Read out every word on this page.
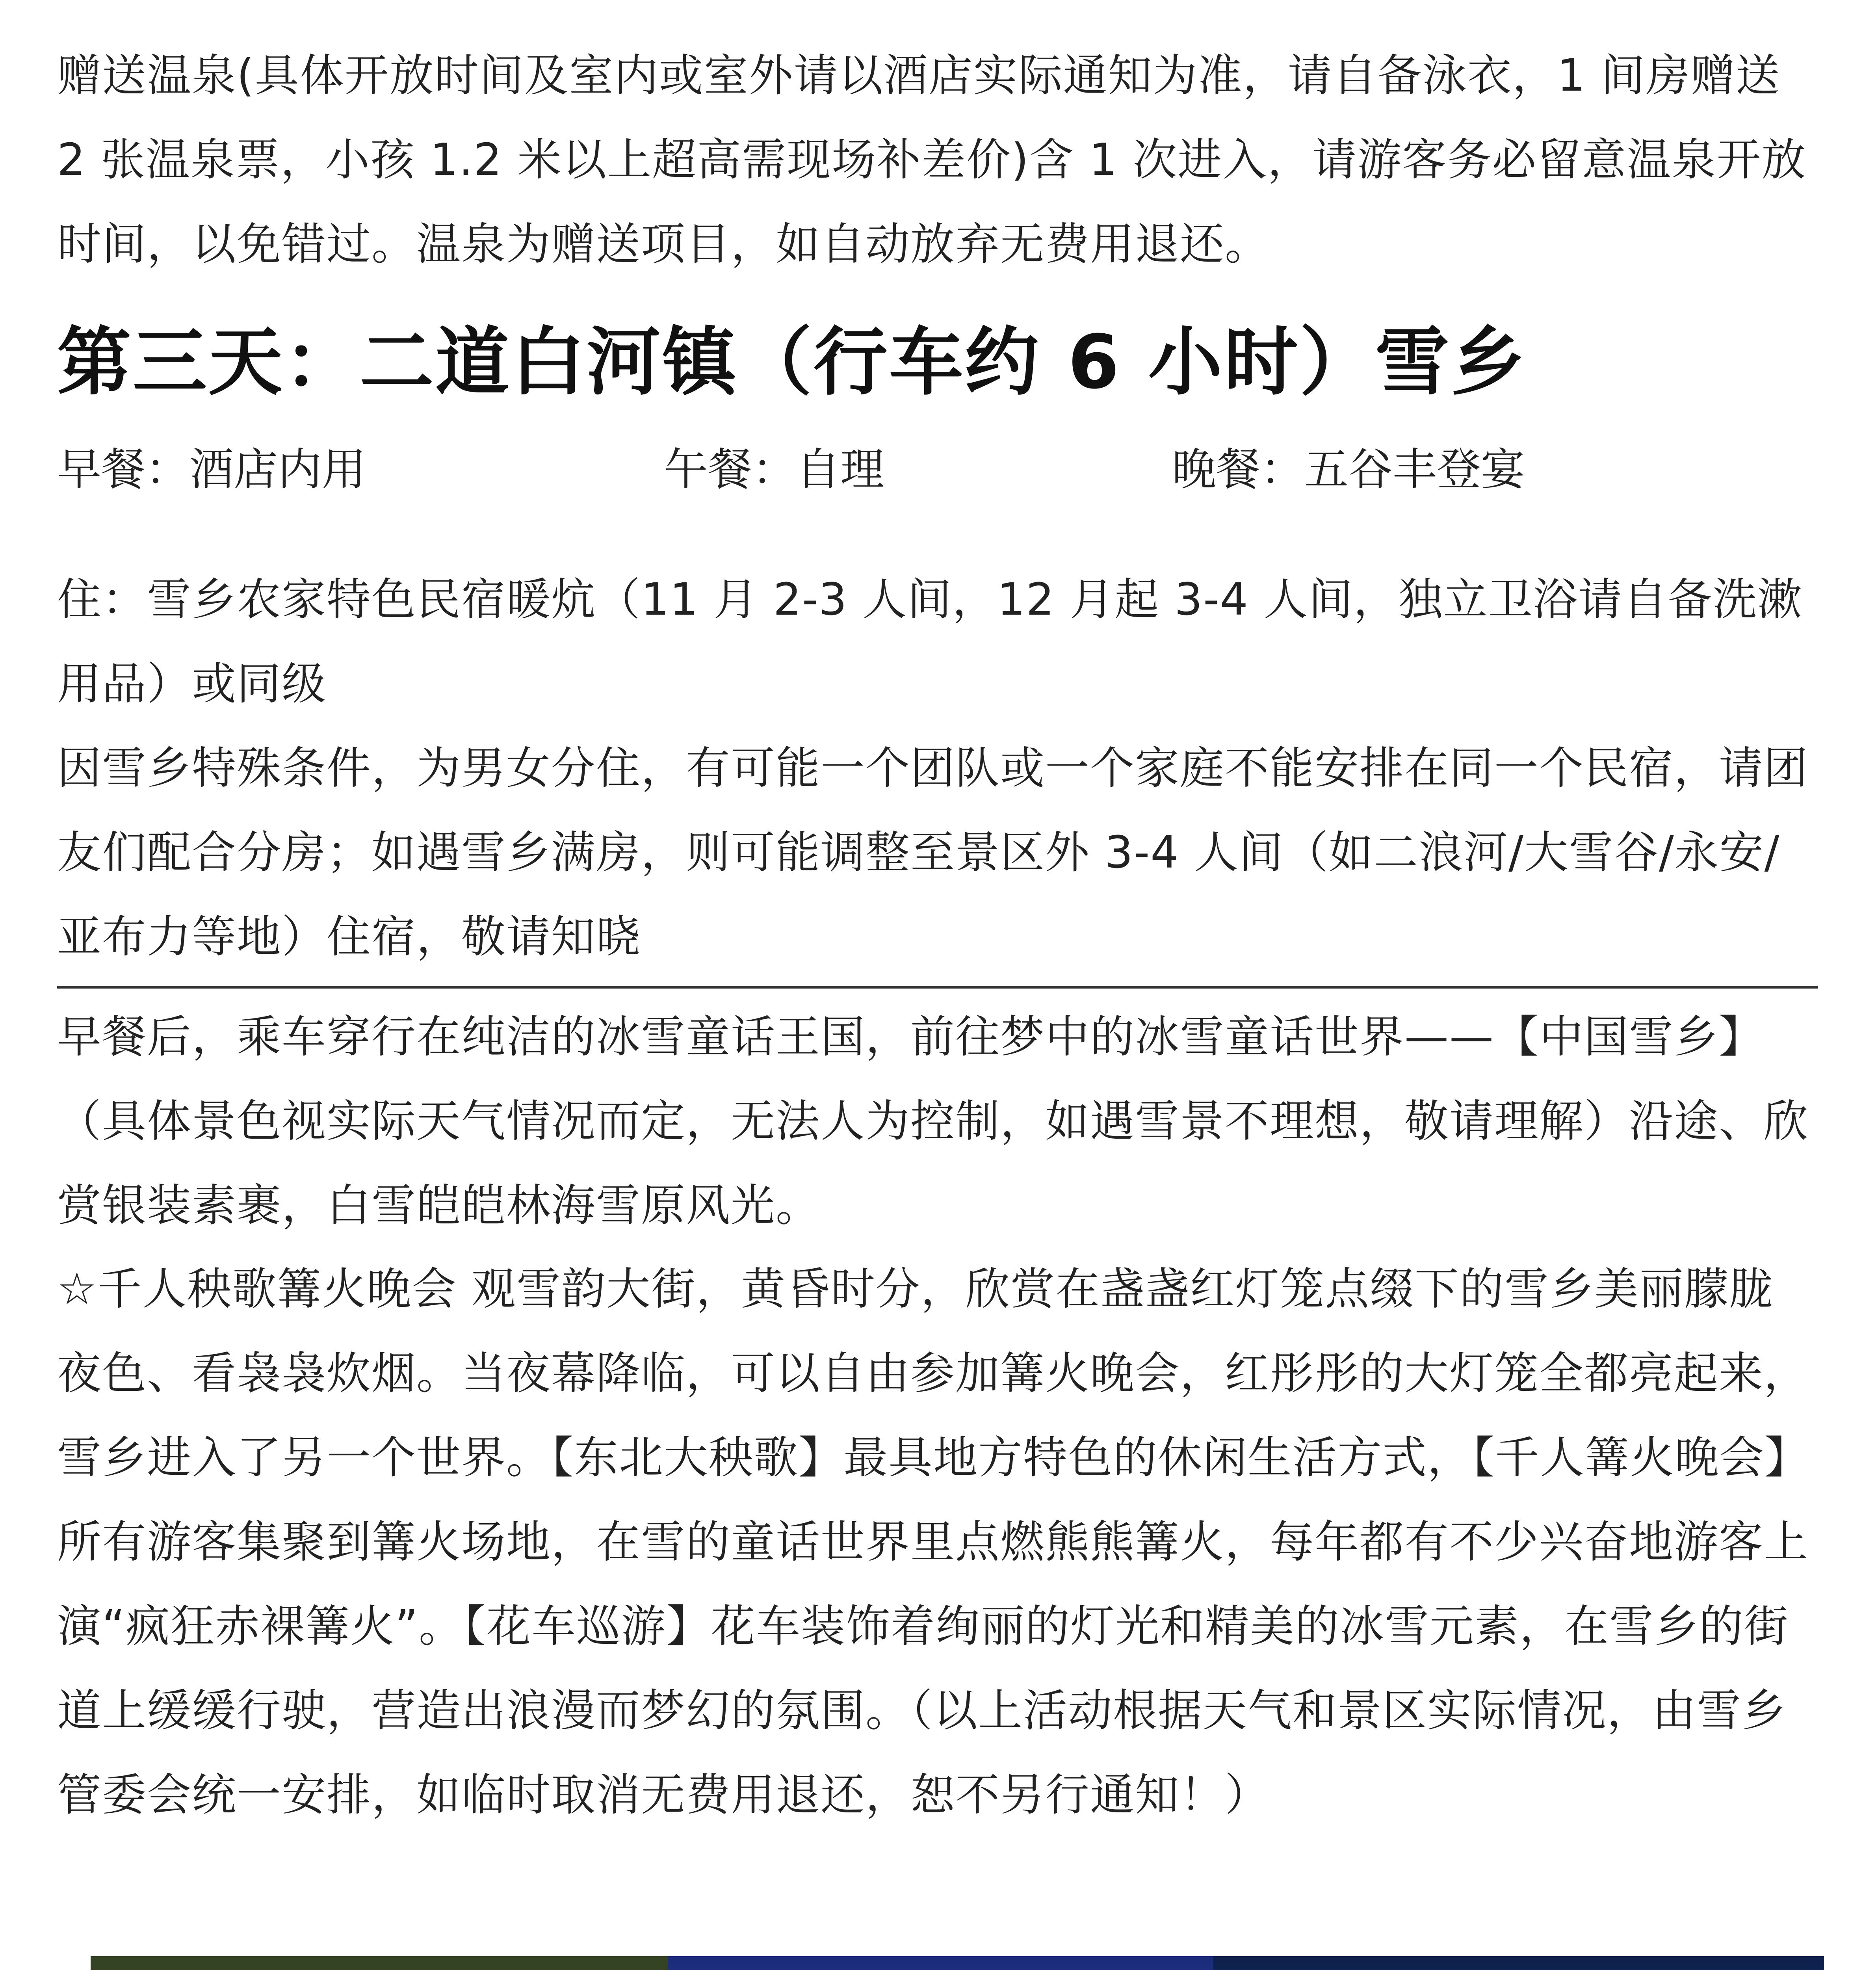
赠送温泉(具体开放时间及室内或室外请以酒店实际通知为准，请自备泳衣，1 间房赠送 2 张温泉票，小孩 1.2 米以上超高需现场补差价)含 1 次进入，请游客务必留意温泉开放时间，以免错过。温泉为赠送项目，如自动放弃无费用退还。

第三天：二道白河镇（行车约 6 小时）雪乡
早餐：酒店内用	午餐：自理	晚餐：五谷丰登宴

住：雪乡农家特色民宿暖炕（11 月 2-3 人间，12 月起 3-4 人间，独立卫浴请自备洗漱用品）或同级

因雪乡特殊条件，为男女分住，有可能一个团队或一个家庭不能安排在同一个民宿，请团友们配合分房；如遇雪乡满房，则可能调整至景区外 3-4 人间（如二浪河/大雪谷/永安/亚布力等地）住宿，敬请知晓

早餐后，乘车穿行在纯洁的冰雪童话王国，前往梦中的冰雪童话世界——【中国雪乡】（具体景色视实际天气情况而定，无法人为控制，如遇雪景不理想，敬请理解）沿途、欣赏银装素裹，白雪皑皑林海雪原风光。

☆千人秧歌篝火晚会 观雪韵大街，黄昏时分，欣赏在盏盏红灯笼点缀下的雪乡美丽朦胧夜色、看袅袅炊烟。当夜幕降临，可以自由参加篝火晚会，红彤彤的大灯笼全都亮起来，雪乡进入了另一个世界。【东北大秧歌】最具地方特色的休闲生活方式，【千人篝火晚会】所有游客集聚到篝火场地，在雪的童话世界里点燃熊熊篝火，每年都有不少兴奋地游客上演“疯狂赤裸篝火”。【花车巡游】花车装饰着绚丽的灯光和精美的冰雪元素，在雪乡的街道上缓缓行驶，营造出浪漫而梦幻的氛围。（以上活动根据天气和景区实际情况，由雪乡管委会统一安排，如临时取消无费用退还，恕不另行通知！）
